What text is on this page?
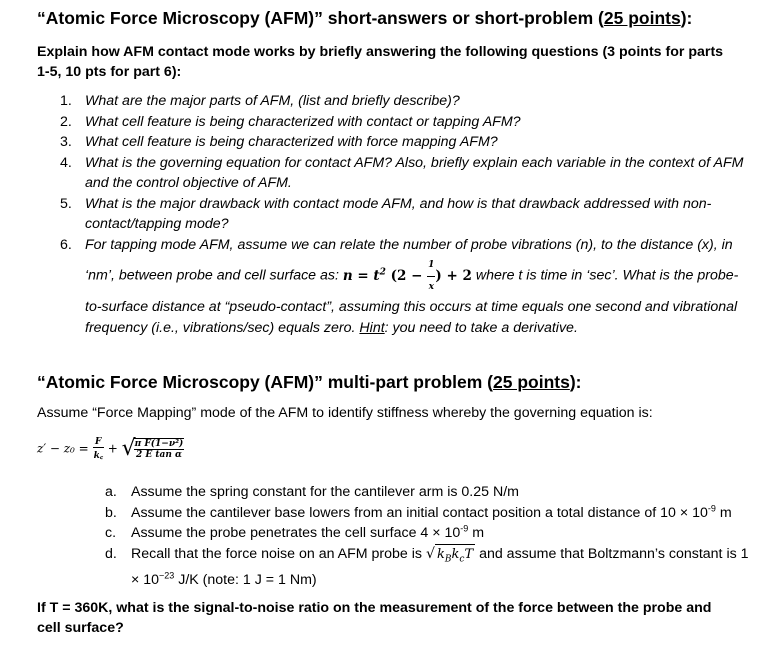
“Atomic Force Microscopy (AFM)” short-answers or short-problem (25 points):
Explain how AFM contact mode works by briefly answering the following questions (3 points for parts 1-5, 10 pts for part 6):
1. What are the major parts of AFM, (list and briefly describe)?
2. What cell feature is being characterized with contact or tapping AFM?
3. What cell feature is being characterized with force mapping AFM?
4. What is the governing equation for contact AFM? Also, briefly explain each variable in the context of AFM and the control objective of AFM.
5. What is the major drawback with contact mode AFM, and how is that drawback addressed with non-contact/tapping mode?
6. For tapping mode AFM, assume we can relate the number of probe vibrations (n), to the distance (x), in ‘nm’, between probe and cell surface as: $n = t^2$ ($2 - \frac{1}{x}$ ) + 2 where t is time in ‘sec’. What is the probe-to-surface distance at “pseudo-contact”, assuming this occurs at time equals one second and vibrational frequency (i.e., vibrations/sec) equals zero. Hint: you need to take a derivative.
“Atomic Force Microscopy (AFM)” multi-part problem (25 points):
Assume “Force Mapping” mode of the AFM to identify stiffness whereby the governing equation is:
$z' - z_0 = \frac{F}{k꜀}$ + √
$\frac{\text{π F(1−ν²)}}{\text{2 E tan α}}$
a. Assume the spring constant for the cantilever arm is 0.25 N/m
b. Assume the cantilever base lowers from an initial contact position a total distance of $10 \times 10^{-9}$ m
c. Assume the probe penetrates the cell surface $4 \times 10^{-9}$ m
d. Recall that the force noise on an AFM probe is √ $k_Bk_cT$ and assume that Boltzmann’s constant is $1 \times 10^{-23}$ J/K (note: 1 J = 1 Nm)
If T = 360K, what is the signal-to-noise ratio on the measurement of the force between the probe and cell surface?
